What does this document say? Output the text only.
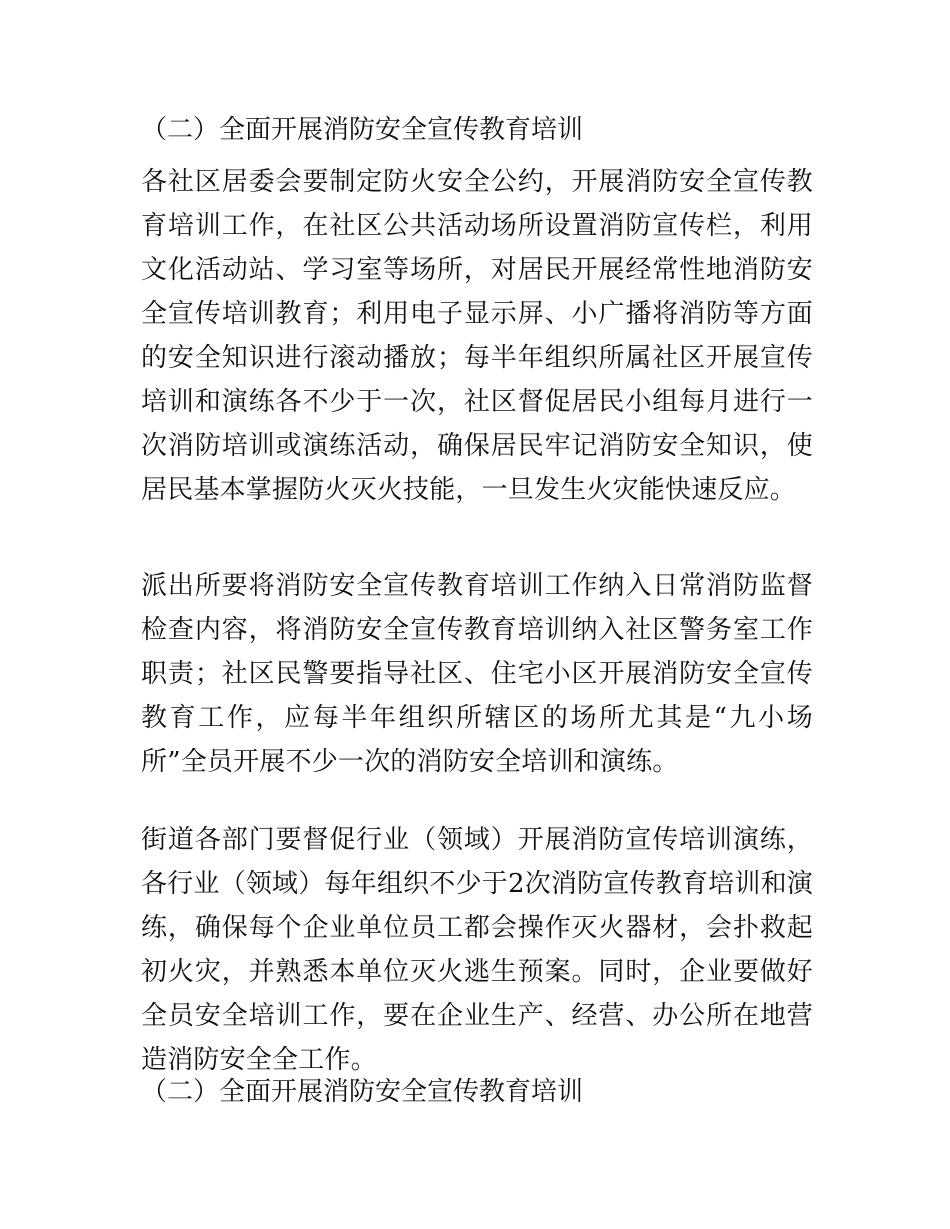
（二）全面开展消防安全宣传教育培训

各社区居委会要制定防火安全公约，开展消防安全宣传教育培训工作，在社区公共活动场所设置消防宣传栏，利用文化活动站、学习室等场所，对居民开展经常性地消防安全宣传培训教育；利用电子显示屏、小广播将消防等方面的安全知识进行滚动播放；每半年组织所属社区开展宣传培训和演练各不少于一次，社区督促居民小组每月进行一次消防培训或演练活动，确保居民牢记消防安全知识，使居民基本掌握防火灭火技能，一旦发生火灾能快速反应。

派出所要将消防安全宣传教育培训工作纳入日常消防监督检查内容，将消防安全宣传教育培训纳入社区警务室工作职责；社区民警要指导社区、住宅小区开展消防安全宣传教育工作，应每半年组织所辖区的场所尤其是“九小场所”全员开展不少一次的消防安全培训和演练。

街道各部门要督促行业（领域）开展消防宣传培训演练，各行业（领域）每年组织不少于2次消防宣传教育培训和演练，确保每个企业单位员工都会操作灭火器材，会扑救起初火灾，并熟悉本单位灭火逃生预案。同时，企业要做好全员安全培训工作，要在企业生产、经营、办公所在地营造消防安全全工作。

（二）全面开展消防安全宣传教育培训
